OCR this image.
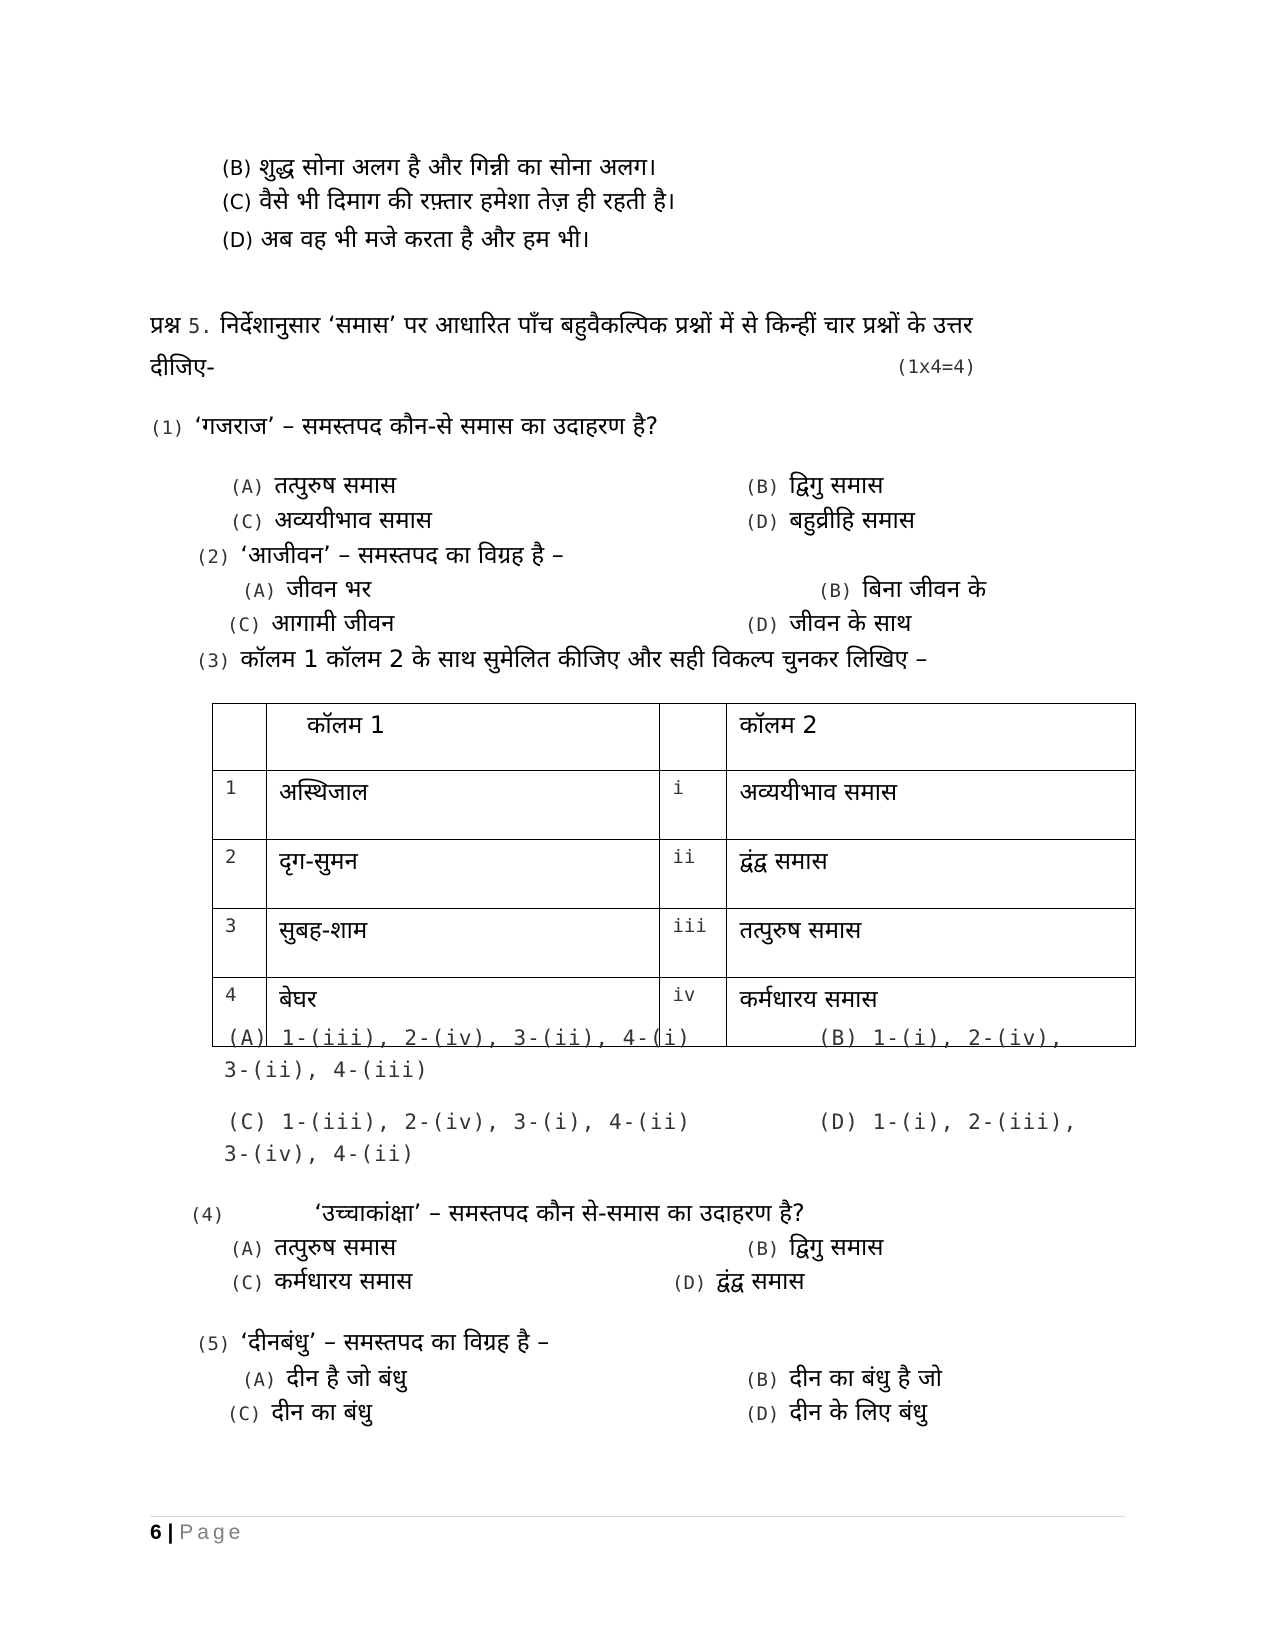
(B) शुद्ध सोना अलग है और गिन्नी का सोना अलग।
(C) वैसे भी दिमाग की रफ़्तार हमेशा तेज़ ही रहती है।
(D) अब वह भी मजे करता है और हम भी।
प्रश्न 5. निर्देशानुसार ‘समास’ पर आधारित पाँच बहुवैकल्पिक प्रश्नों में से किन्हीं चार प्रश्नों के उत्तर
दीजिए-	(1x4=4)
(1) ‘गजराज’ – समस्तपद कौन-से समास का उदाहरण है?
(A) तत्पुरुष समास	(B) द्विगु समास
(C) अव्ययीभाव समास	(D) बहुव्रीहि समास
(2) ‘आजीवन’ – समस्तपद का विग्रह है –
(A) जीवन भर	(B) बिना जीवन के
(C) आगामी जीवन	(D) जीवन के साथ
(3) कॉलम 1 कॉलम 2 के साथ सुमेलित कीजिए और सही विकल्प चुनकर लिखिए –
	कॉलम 1		कॉलम 2
1	अस्थिजाल	i	अव्ययीभाव समास
2	दृग-सुमन	ii	द्वंद्व समास
3	सुबह-शाम	iii	तत्पुरुष समास
4	बेघर	iv	कर्मधारय समास
(A) 1-(iii), 2-(iv), 3-(ii), 4-(i)	(B) 1-(i), 2-(iv),
3-(ii), 4-(iii)
(C) 1-(iii), 2-(iv), 3-(i), 4-(ii)	(D) 1-(i), 2-(iii),
3-(iv), 4-(ii)
(4)	‘उच्चाकांक्षा’ – समस्तपद कौन से-समास का उदाहरण है?
(A) तत्पुरुष समास	(B) द्विगु समास
(C) कर्मधारय समास	(D) द्वंद्व समास
(5) ‘दीनबंधु’ – समस्तपद का विग्रह है –
(A) दीन है जो बंधु	(B) दीन का बंधु है जो
(C) दीन का बंधु	(D) दीन के लिए बंधु
6 | Page
